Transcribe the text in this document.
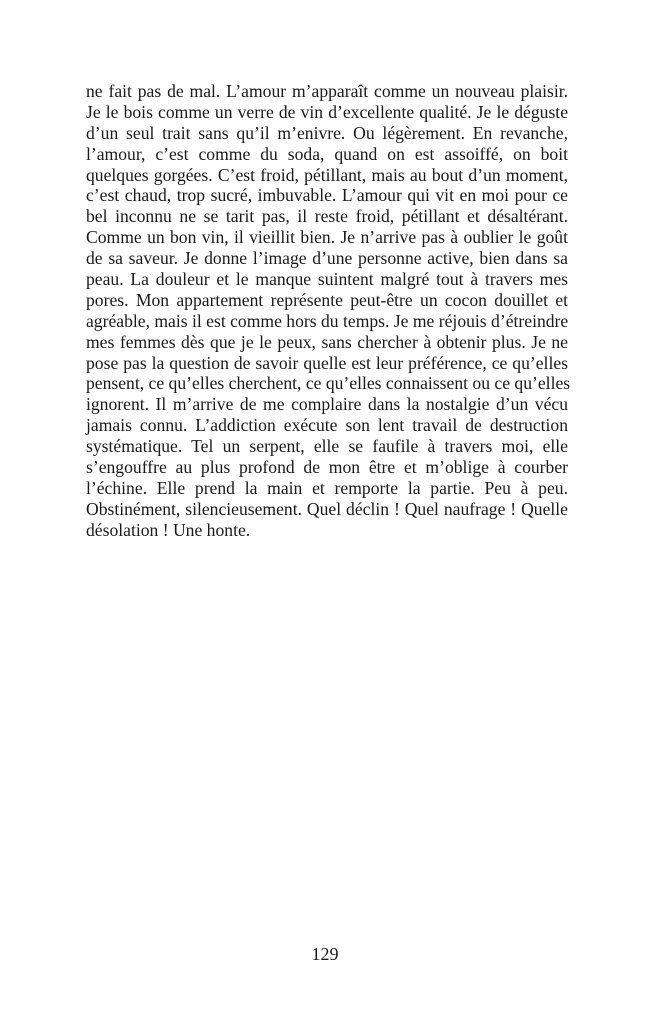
ne fait pas de mal. L’amour m’apparaît comme un nouveau plaisir.
Je le bois comme un verre de vin d’excellente qualité. Je le déguste
d’un seul trait sans qu’il m’enivre. Ou légèrement. En revanche,
l’amour, c’est comme du soda, quand on est assoiffé, on boit
quelques gorgées. C’est froid, pétillant, mais au bout d’un moment,
c’est chaud, trop sucré, imbuvable. L’amour qui vit en moi pour ce
bel inconnu ne se tarit pas, il reste froid, pétillant et désaltérant.
Comme un bon vin, il vieillit bien. Je n’arrive pas à oublier le goût
de sa saveur. Je donne l’image d’une personne active, bien dans sa
peau. La douleur et le manque suintent malgré tout à travers mes
pores. Mon appartement représente peut-être un cocon douillet et
agréable, mais il est comme hors du temps. Je me réjouis d’étreindre
mes femmes dès que je le peux, sans chercher à obtenir plus. Je ne
pose pas la question de savoir quelle est leur préférence, ce qu’elles
pensent, ce qu’elles cherchent, ce qu’elles connaissent ou ce qu’elles
ignorent. Il m’arrive de me complaire dans la nostalgie d’un vécu
jamais connu. L’addiction exécute son lent travail de destruction
systématique. Tel un serpent, elle se faufile à travers moi, elle
s’engouffre au plus profond de mon être et m’oblige à courber
l’échine. Elle prend la main et remporte la partie. Peu à peu.
Obstinément, silencieusement. Quel déclin ! Quel naufrage ! Quelle
désolation ! Une honte.
129
